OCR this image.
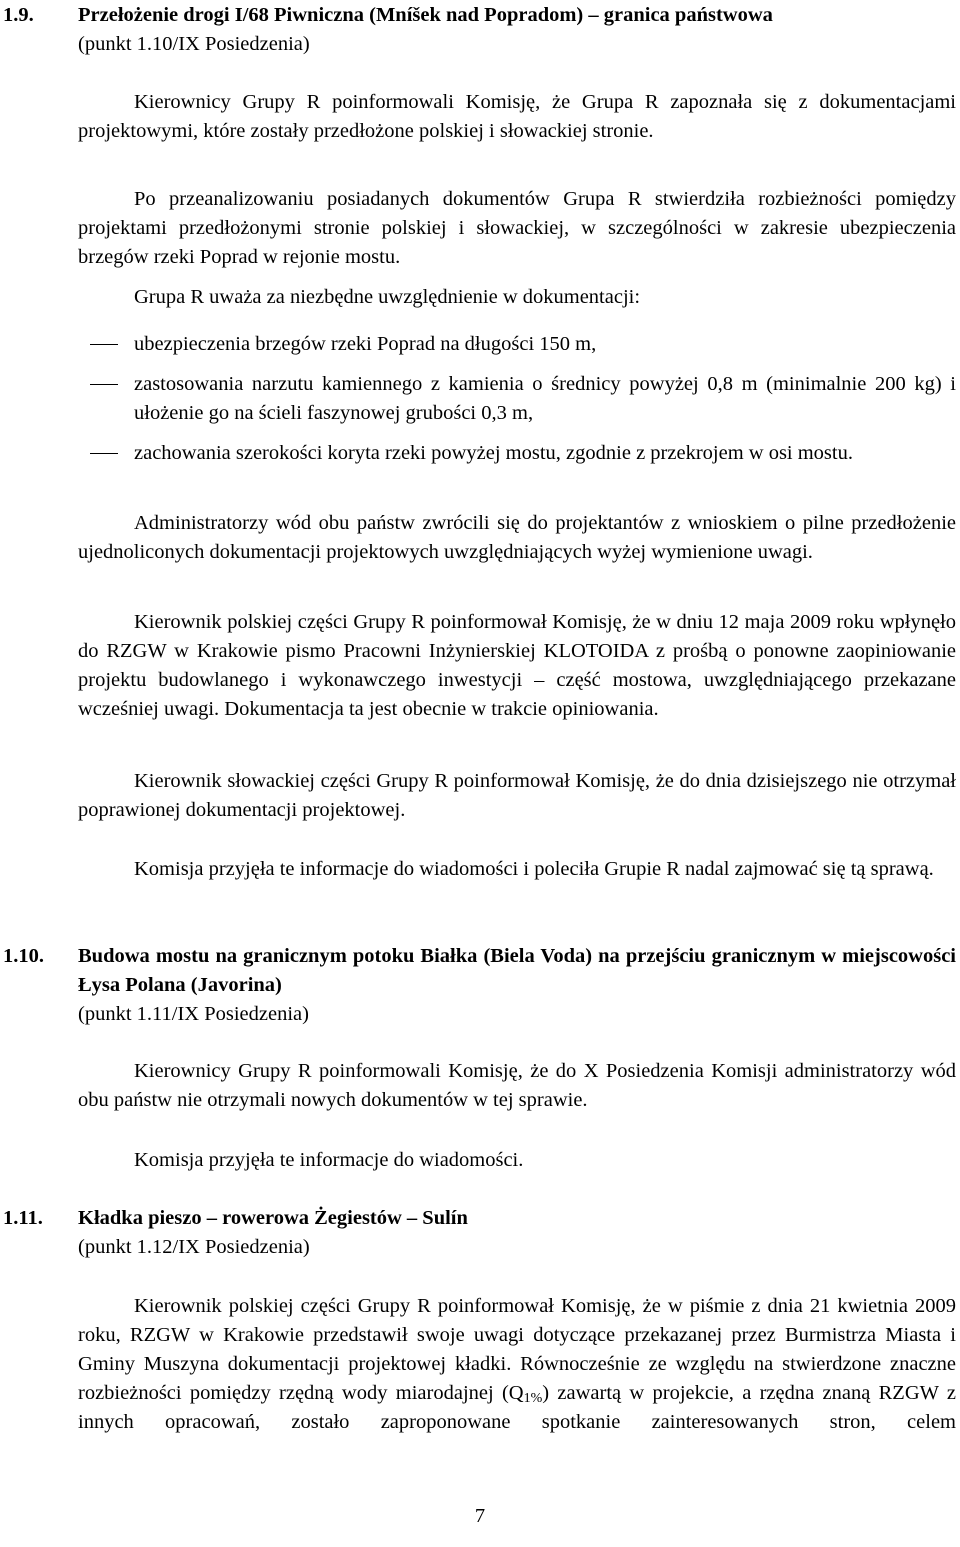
1.9. Przełożenie drogi I/68 Piwniczna (Mníšek nad Popradom) – granica państwowa
(punkt 1.10/IX Posiedzenia)
Kierownicy Grupy R poinformowali Komisję, że Grupa R zapoznała się z dokumentacjami projektowymi, które zostały przedłożone polskiej i słowackiej stronie.
Po przeanalizowaniu posiadanych dokumentów Grupa R stwierdziła rozbieżności pomiędzy projektami przedłożonymi stronie polskiej i słowackiej, w szczególności w zakresie ubezpieczenia brzegów rzeki Poprad w rejonie mostu.
Grupa R uważa za niezbędne uwzględnienie w dokumentacji:
ubezpieczenia brzegów rzeki Poprad na długości 150 m,
zastosowania narzutu kamiennego z kamienia o średnicy powyżej 0,8 m (minimalnie 200 kg) i ułożenie go na ścieli faszynowej grubości 0,3 m,
zachowania szerokości koryta rzeki powyżej mostu, zgodnie z przekrojem w osi mostu.
Administratorzy wód obu państw zwrócili się do projektantów z wnioskiem o pilne przedłożenie ujednoliconych dokumentacji projektowych uwzględniających wyżej wymienione uwagi.
Kierownik polskiej części Grupy R poinformował Komisję, że w dniu 12 maja 2009 roku wpłynęło do RZGW w Krakowie pismo Pracowni Inżynierskiej KLOTOIDA z prośbą o ponowne zaopiniowanie projektu budowlanego i wykonawczego inwestycji – część mostowa, uwzględniającego przekazane wcześniej uwagi. Dokumentacja ta jest obecnie w trakcie opiniowania.
Kierownik słowackiej części Grupy R poinformował Komisję, że do dnia dzisiejszego nie otrzymał poprawionej dokumentacji projektowej.
Komisja przyjęła te informacje do wiadomości i poleciła Grupie R nadal zajmować się tą sprawą.
1.10. Budowa mostu na granicznym potoku Białka (Biela Voda) na przejściu granicznym w miejscowości Łysa Polana (Javorina)
(punkt 1.11/IX Posiedzenia)
Kierownicy Grupy R poinformowali Komisję, że do X Posiedzenia Komisji administratorzy wód obu państw nie otrzymali nowych dokumentów w tej sprawie.
Komisja przyjęła te informacje do wiadomości.
1.11. Kładka pieszo – rowerowa Żegiestów – Sulín
(punkt 1.12/IX Posiedzenia)
Kierownik polskiej części Grupy R poinformował Komisję, że w piśmie z dnia 21 kwietnia 2009 roku, RZGW w Krakowie przedstawił swoje uwagi dotyczące przekazanej przez Burmistrza Miasta i Gminy Muszyna dokumentacji projektowej kładki. Równocześnie ze względu na stwierdzone znaczne rozbieżności pomiędzy rzędną wody miarodajnej $(Q_{1\%})$ zawartą w projekcie, a rzędna znaną RZGW z innych opracowań, zostało zaproponowane spotkanie zainteresowanych stron, celem
7
